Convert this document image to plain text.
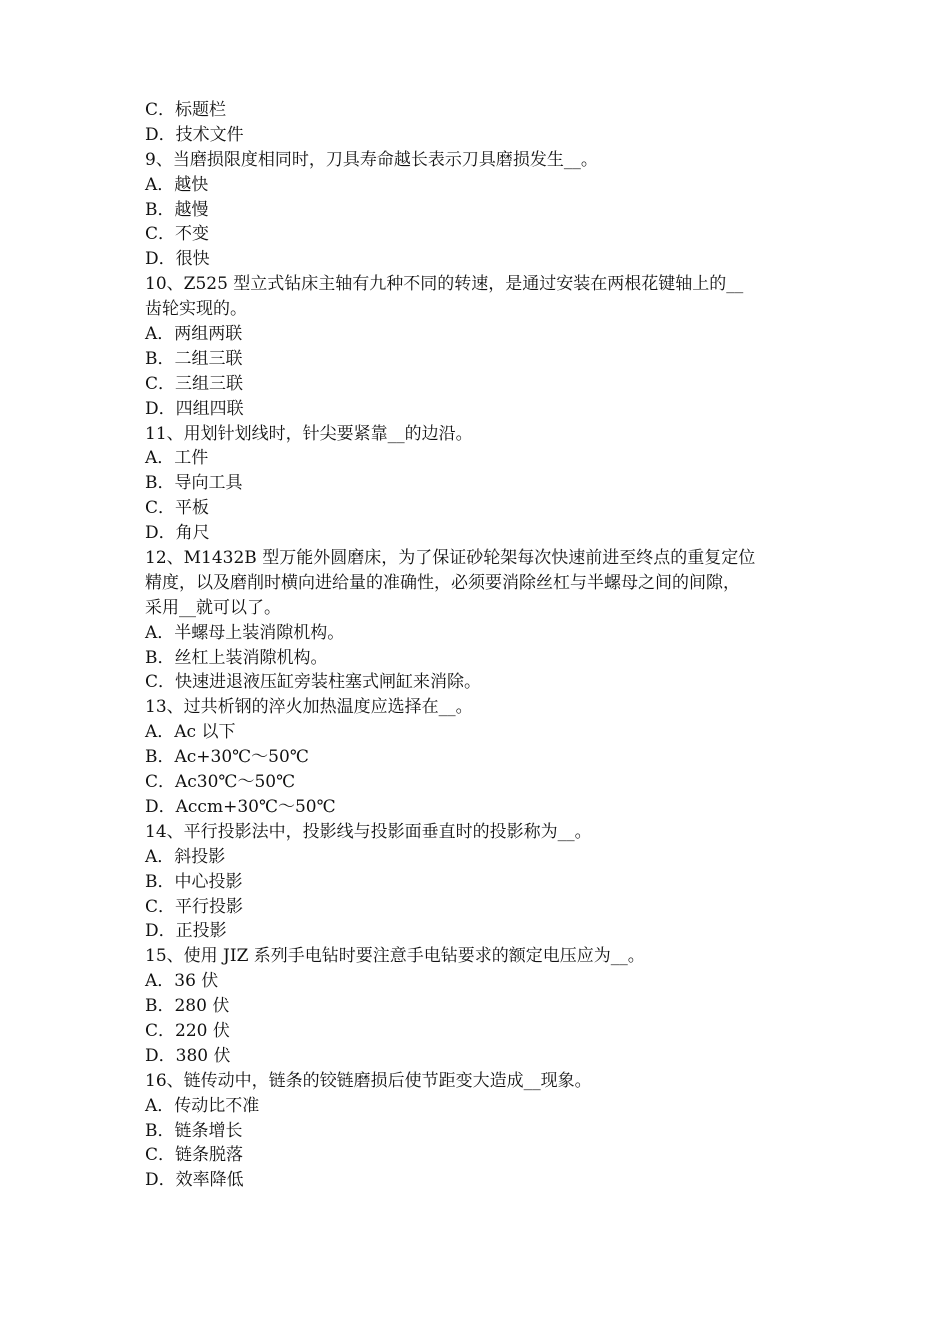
C．标题栏
D．技术文件
9、当磨损限度相同时，刀具寿命越长表示刀具磨损发生__。
A．越快
B．越慢
C．不变
D．很快
10、Z525 型立式钻床主轴有九种不同的转速，是通过安装在两根花键轴上的__
齿轮实现的。
A．两组两联
B．二组三联
C．三组三联
D．四组四联
11、用划针划线时，针尖要紧靠__的边沿。
A．工件
B．导向工具
C．平板
D．角尺
12、M1432B 型万能外圆磨床，为了保证砂轮架每次快速前进至终点的重复定位
精度，以及磨削时横向进给量的准确性，必须要消除丝杠与半螺母之间的间隙，
采用__就可以了。
A．半螺母上装消隙机构。
B．丝杠上装消隙机构。
C．快速进退液压缸旁装柱塞式闸缸来消除。
13、过共析钢的淬火加热温度应选择在__。
A．Ac 以下
B．Ac+30℃～50℃
C．Ac30℃～50℃
D．Accm+30℃～50℃
14、平行投影法中，投影线与投影面垂直时的投影称为__。
A．斜投影
B．中心投影
C．平行投影
D．正投影
15、使用 JIZ 系列手电钻时要注意手电钻要求的额定电压应为__。
A．36 伏
B．280 伏
C．220 伏
D．380 伏
16、链传动中，链条的铰链磨损后使节距变大造成__现象。
A．传动比不准
B．链条增长
C．链条脱落
D．效率降低
